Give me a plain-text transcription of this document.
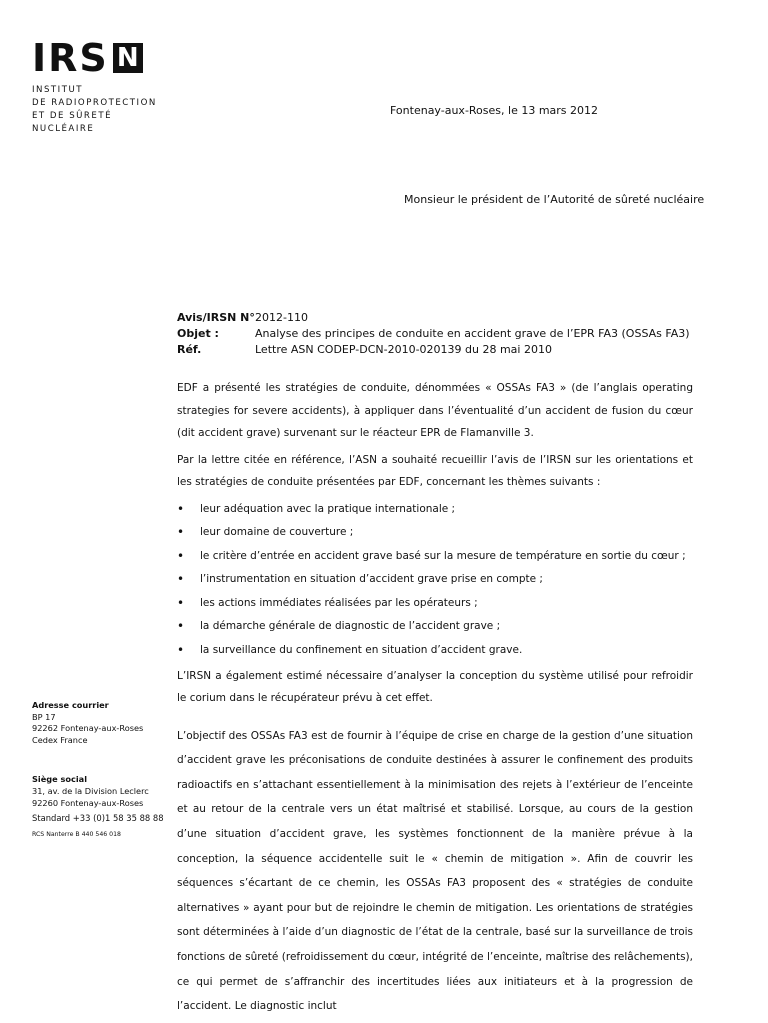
IRS N
INSTITUT
DE RADIOPROTECTION
ET DE SÛRETÉ NUCLÉAIRE
Fontenay-aux-Roses, le 13 mars 2012
Monsieur le président de l’Autorité de sûreté nucléaire
Avis/IRSN N° 2012-110
Objet :	Analyse des principes de conduite en accident grave de l’EPR FA3 (OSSAs FA3)
Réf.	Lettre ASN CODEP-DCN-2010-020139 du 28 mai 2010

EDF a présenté les stratégies de conduite, dénommées « OSSAs FA3 » (de l’anglais operating strategies for severe accidents), à appliquer dans l’éventualité d’un accident de fusion du cœur (dit accident grave) survenant sur le réacteur EPR de Flamanville 3.

Par la lettre citée en référence, l’ASN a souhaité recueillir l’avis de l’IRSN sur les orientations et les stratégies de conduite présentées par EDF, concernant les thèmes suivants :

• leur adéquation avec la pratique internationale ;
• leur domaine de couverture ;
• le critère d’entrée en accident grave basé sur la mesure de température en sortie du cœur ;
• l’instrumentation en situation d’accident grave prise en compte ;
• les actions immédiates réalisées par les opérateurs ;
• la démarche générale de diagnostic de l’accident grave ;
• la surveillance du confinement en situation d’accident grave.

L’IRSN a également estimé nécessaire d’analyser la conception du système utilisé pour refroidir le corium dans le récupérateur prévu à cet effet.

L’objectif des OSSAs FA3 est de fournir à l’équipe de crise en charge de la gestion d’une situation d’accident grave les préconisations de conduite destinées à assurer le confinement des produits radioactifs en s’attachant essentiellement à la minimisation des rejets à l’extérieur de l’enceinte et au retour de la centrale vers un état maîtrisé et stabilisé. Lorsque, au cours de la gestion d’une situation d’accident grave, les systèmes fonctionnent de la manière prévue à la conception, la séquence accidentelle suit le « chemin de mitigation ». Afin de couvrir les séquences s’écartant de ce chemin, les OSSAs FA3 proposent des « stratégies de conduite alternatives » ayant pour but de rejoindre le chemin de mitigation. Les orientations de stratégies sont déterminées à l’aide d’un diagnostic de l’état de la centrale, basé sur la surveillance de trois fonctions de sûreté (refroidissement du cœur, intégrité de l’enceinte, maîtrise des relâchements), ce qui permet de s’affranchir des incertitudes liées aux initiateurs et à la progression de l’accident. Le diagnostic inclut

Adresse courrier
BP 17
92262 Fontenay-aux-Roses
Cedex France
Siège social
31, av. de la Division Leclerc
92260 Fontenay-aux-Roses
Standard +33 (0)1 58 35 88 88
RCS Nanterre B 440 546 018
